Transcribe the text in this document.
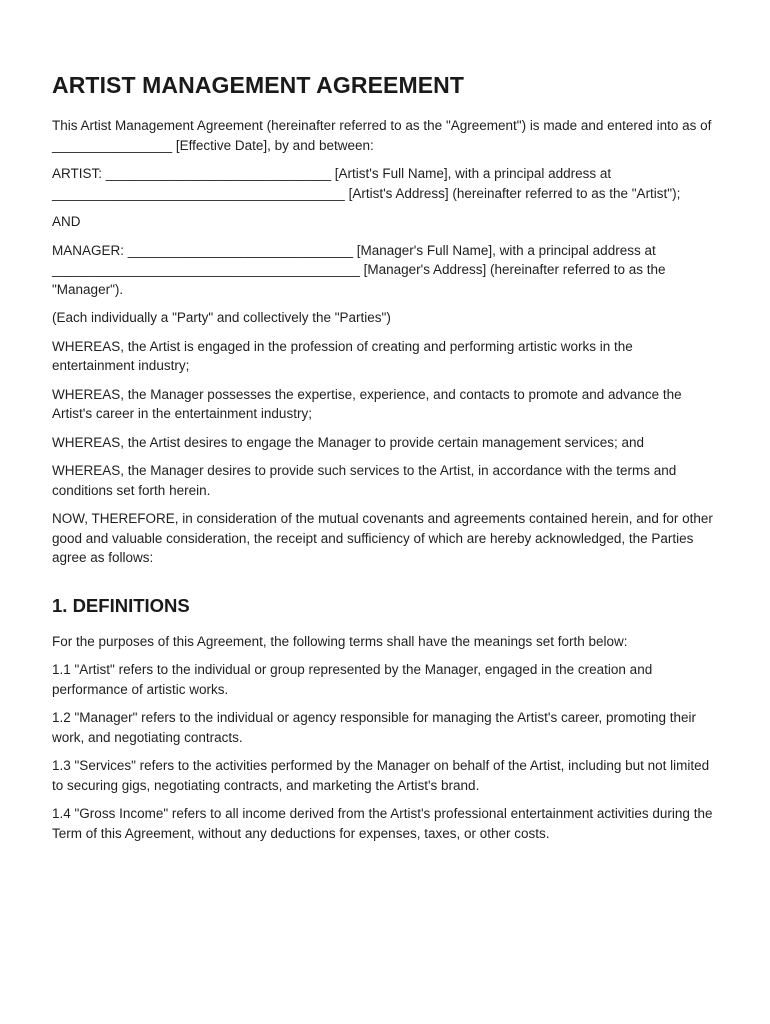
ARTIST MANAGEMENT AGREEMENT

This Artist Management Agreement (hereinafter referred to as the "Agreement") is made and entered into as of ________________ [Effective Date], by and between:

ARTIST: ______________________________ [Artist's Full Name], with a principal address at _______________________________________ [Artist's Address] (hereinafter referred to as the "Artist");

AND

MANAGER: ______________________________ [Manager's Full Name], with a principal address at _________________________________________ [Manager's Address] (hereinafter referred to as the "Manager").

(Each individually a "Party" and collectively the "Parties")

WHEREAS, the Artist is engaged in the profession of creating and performing artistic works in the entertainment industry;

WHEREAS, the Manager possesses the expertise, experience, and contacts to promote and advance the Artist's career in the entertainment industry;

WHEREAS, the Artist desires to engage the Manager to provide certain management services; and

WHEREAS, the Manager desires to provide such services to the Artist, in accordance with the terms and conditions set forth herein.

NOW, THEREFORE, in consideration of the mutual covenants and agreements contained herein, and for other good and valuable consideration, the receipt and sufficiency of which are hereby acknowledged, the Parties agree as follows:

1. DEFINITIONS

For the purposes of this Agreement, the following terms shall have the meanings set forth below:

1.1 "Artist" refers to the individual or group represented by the Manager, engaged in the creation and performance of artistic works.

1.2 "Manager" refers to the individual or agency responsible for managing the Artist's career, promoting their work, and negotiating contracts.

1.3 "Services" refers to the activities performed by the Manager on behalf of the Artist, including but not limited to securing gigs, negotiating contracts, and marketing the Artist's brand.

1.4 "Gross Income" refers to all income derived from the Artist's professional entertainment activities during the Term of this Agreement, without any deductions for expenses, taxes, or other costs.
